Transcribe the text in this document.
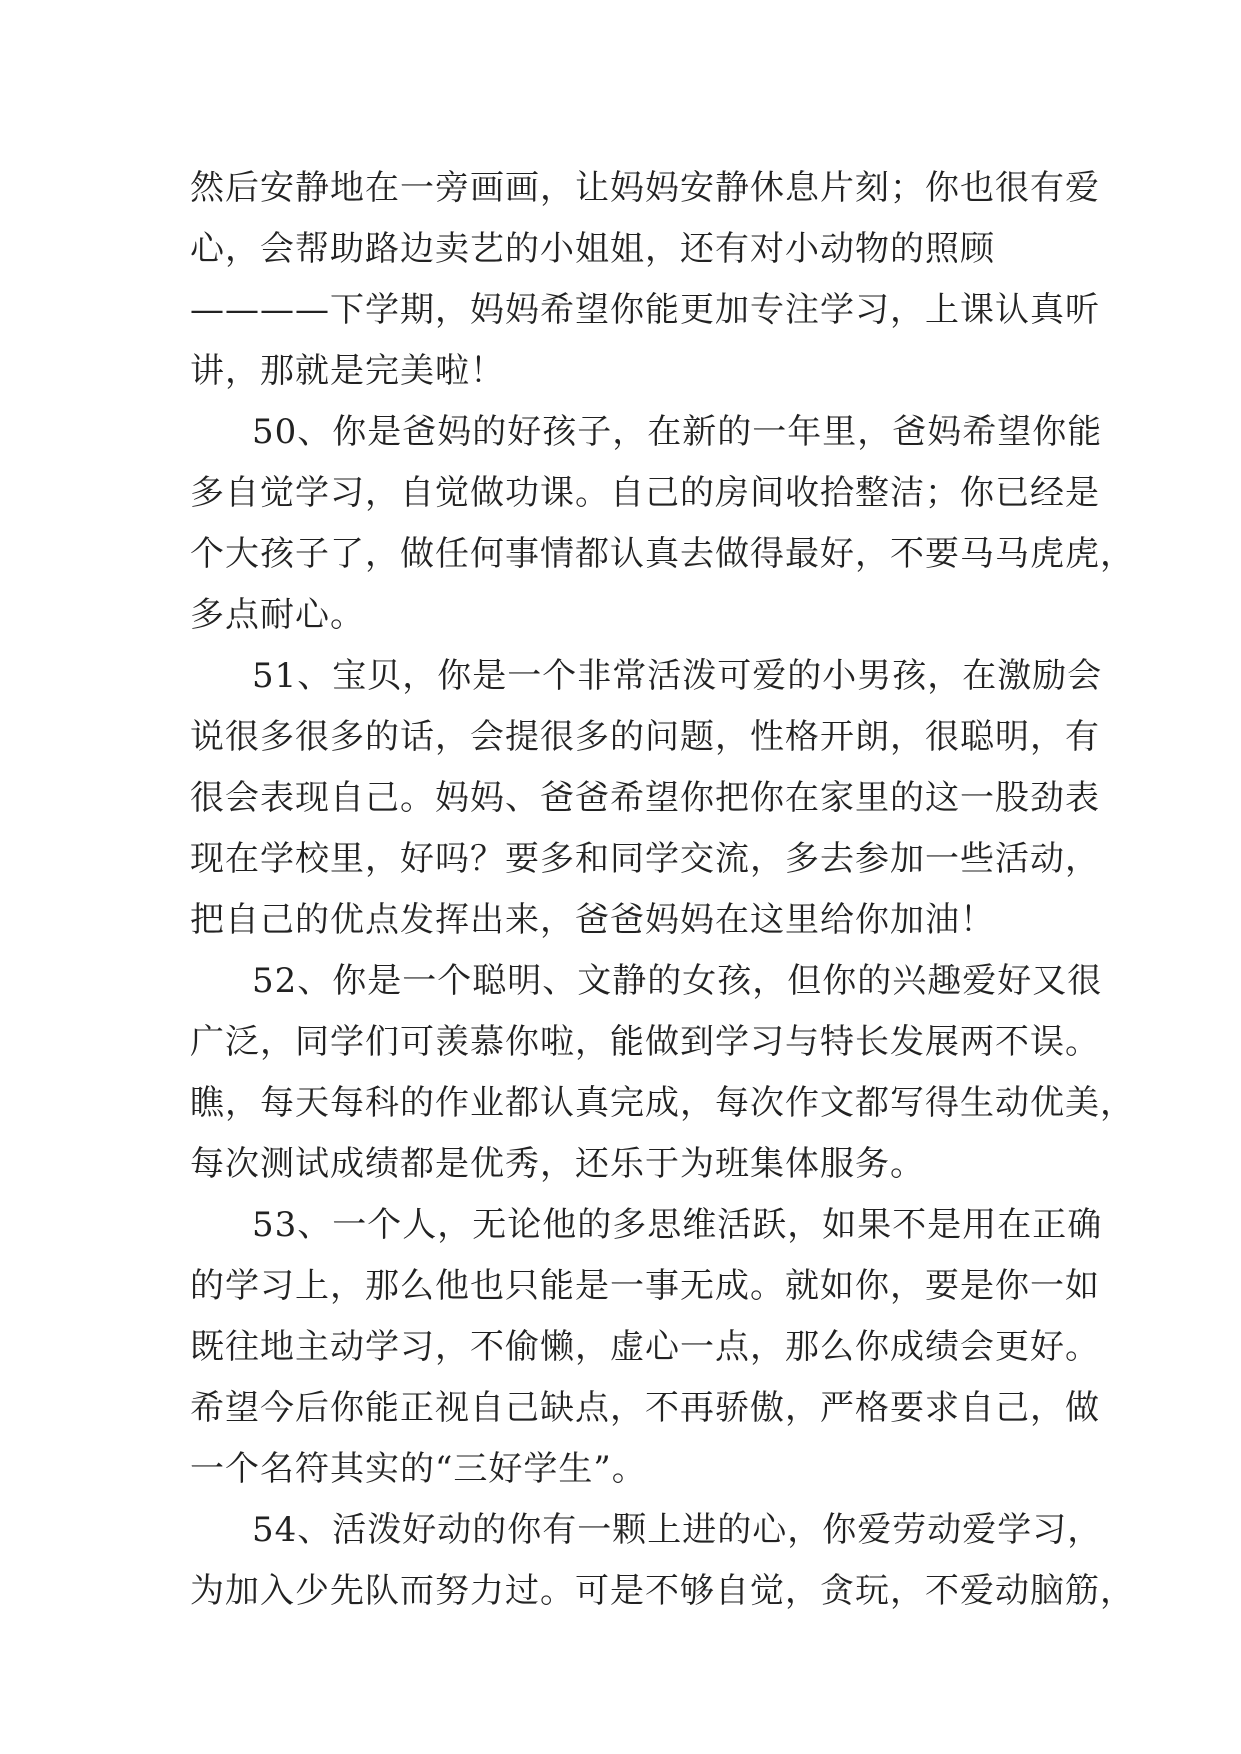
然后安静地在一旁画画，让妈妈安静休息片刻；你也很有爱
心，会帮助路边卖艺的小姐姐，还有对小动物的照顾
————下学期，妈妈希望你能更加专注学习，上课认真听
讲，那就是完美啦！
50、你是爸妈的好孩子，在新的一年里，爸妈希望你能
多自觉学习，自觉做功课。自己的房间收拾整洁；你已经是
个大孩子了，做任何事情都认真去做得最好，不要马马虎虎，
多点耐心。
51、宝贝，你是一个非常活泼可爱的小男孩，在激励会
说很多很多的话，会提很多的问题，性格开朗，很聪明，有
很会表现自己。妈妈、爸爸希望你把你在家里的这一股劲表
现在学校里，好吗？要多和同学交流，多去参加一些活动，
把自己的优点发挥出来，爸爸妈妈在这里给你加油！
52、你是一个聪明、文静的女孩，但你的兴趣爱好又很
广泛，同学们可羡慕你啦，能做到学习与特长发展两不误。
瞧，每天每科的作业都认真完成，每次作文都写得生动优美，
每次测试成绩都是优秀，还乐于为班集体服务。
53、一个人，无论他的多思维活跃，如果不是用在正确
的学习上，那么他也只能是一事无成。就如你，要是你一如
既往地主动学习，不偷懒，虚心一点，那么你成绩会更好。
希望今后你能正视自己缺点，不再骄傲，严格要求自己，做
一个名符其实的“三好学生”。
54、活泼好动的你有一颗上进的心，你爱劳动爱学习，
为加入少先队而努力过。可是不够自觉，贪玩，不爱动脑筋，
